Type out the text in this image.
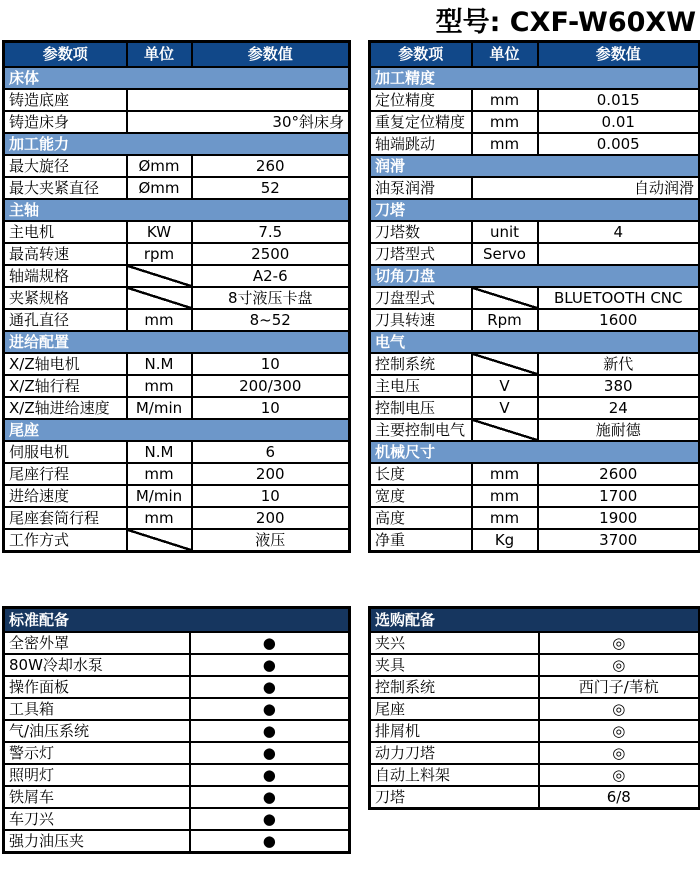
型号: CXF-W60XW
参数项	单位	参数值
床体		
铸造底座		
铸造床身	30°斜床身	
加工能力		
最大旋径	Ømm	260
最大夹紧直径	Ømm	52
主轴		
主电机	KW	7.5
最高转速	rpm	2500
轴端规格		A2-6
夹紧规格		8寸液压卡盘
通孔直径	mm	8~52
进给配置		
X/Z轴电机	N.M	10
X/Z轴行程	mm	200/300
X/Z轴进给速度	M/min	10
尾座		
伺服电机	N.M	6
尾座行程	mm	200
进给速度	M/min	10
尾座套筒行程	mm	200
工作方式		液压
参数项	单位	参数值
加工精度		
定位精度	mm	0.015
重复定位精度	mm	0.01
轴端跳动	mm	0.005
润滑		
油泵润滑	自动润滑	
刀塔		
刀塔数	unit	4
刀塔型式	Servo	
切角刀盘		
刀盘型式		BLUETOOTH CNC
刀具转速	Rpm	1600
电气		
控制系统		新代
主电压	V	380
控制电压	V	24
主要控制电气		施耐德
机械尺寸		
长度	mm	2600
宽度	mm	1700
高度	mm	1900
净重	Kg	3700
标准配备	
全密外罩	●
80W冷却水泵	●
操作面板	●
工具箱	●
气/油压系统	●
警示灯	●
照明灯	●
铁屑车	●
车刀兴	●
强力油压夹	●
选购配备	
夹兴	◎
夹具	◎
控制系统	西门子/苇杭
尾座	◎
排屑机	◎
动力刀塔	◎
自动上料架	◎
刀塔	6/8
